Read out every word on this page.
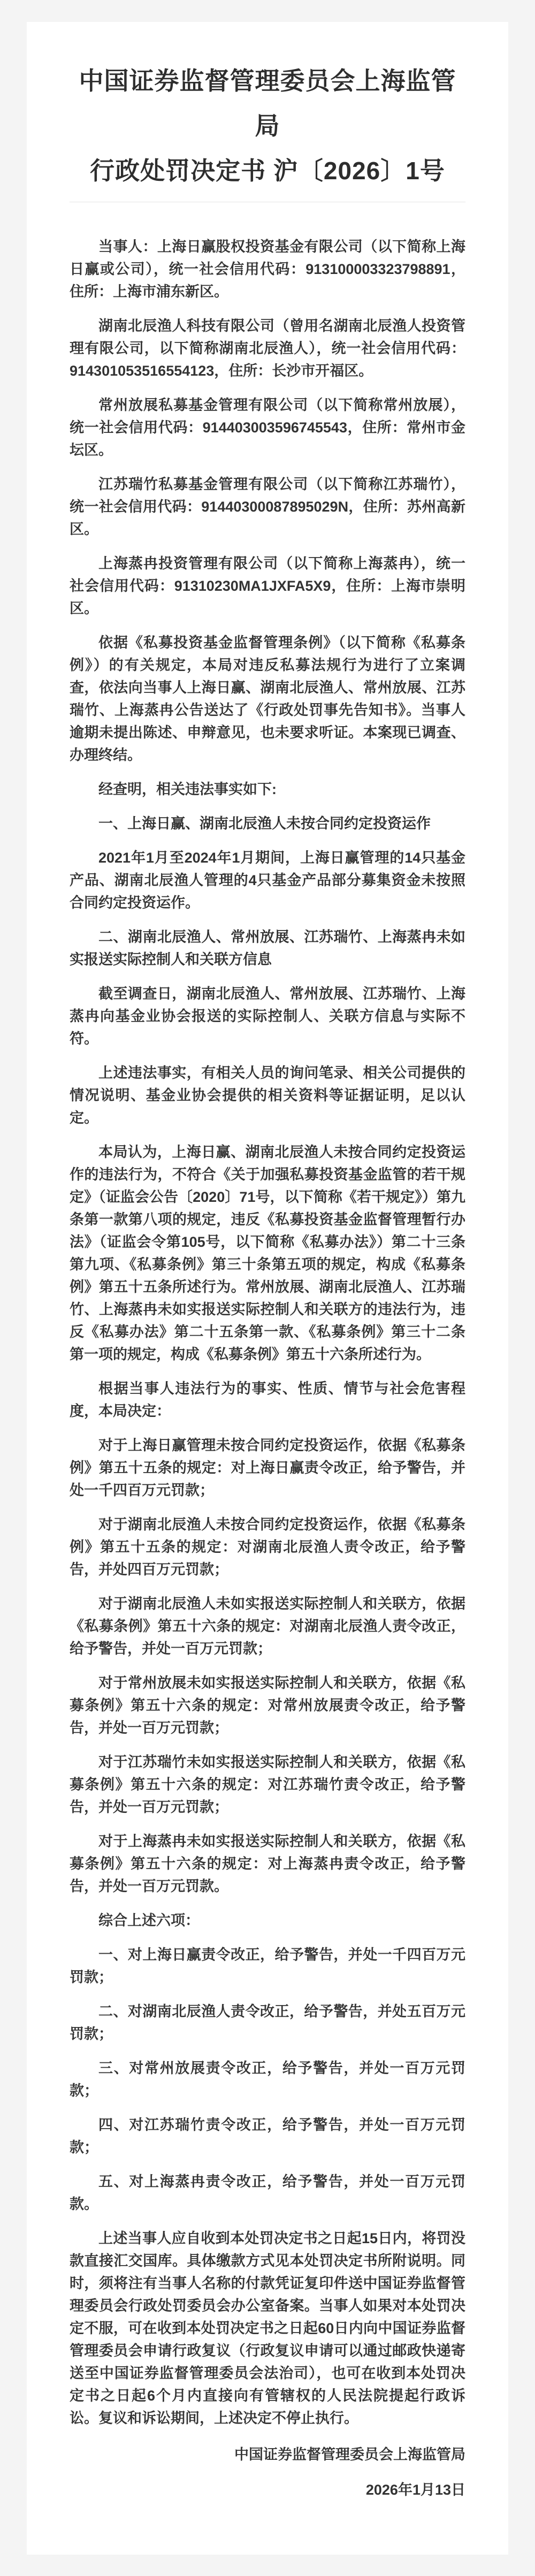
中国证券监督管理委员会上海监管局
行政处罚决定书 沪〔2026〕1号

当事人：上海日赢股权投资基金有限公司（以下简称上海日赢或公司），统一社会信用代码：913100003323798891，住所：上海市浦东新区。

湖南北辰渔人科技有限公司（曾用名湖南北辰渔人投资管理有限公司，以下简称湖南北辰渔人），统一社会信用代码：914301053516554123，住所：长沙市开福区。

常州放展私募基金管理有限公司（以下简称常州放展），统一社会信用代码：914403003596745543，住所：常州市金坛区。

江苏瑞竹私募基金管理有限公司（以下简称江苏瑞竹），统一社会信用代码：91440300087895029N，住所：苏州高新区。

上海蒸冉投资管理有限公司（以下简称上海蒸冉），统一社会信用代码：91310230MA1JXFA5X9，住所：上海市崇明区。

依据《私募投资基金监督管理条例》（以下简称《私募条例》）的有关规定，本局对违反私募法规行为进行了立案调查，依法向当事人上海日赢、湖南北辰渔人、常州放展、江苏瑞竹、上海蒸冉公告送达了《行政处罚事先告知书》。当事人逾期未提出陈述、申辩意见，也未要求听证。本案现已调查、办理终结。

经查明，相关违法事实如下:

一、上海日赢、湖南北辰渔人未按合同约定投资运作

2021年1月至2024年1月期间，上海日赢管理的14只基金产品、湖南北辰渔人管理的4只基金产品部分募集资金未按照合同约定投资运作。

二、湖南北辰渔人、常州放展、江苏瑞竹、上海蒸冉未如实报送实际控制人和关联方信息

截至调查日，湖南北辰渔人、常州放展、江苏瑞竹、上海蒸冉向基金业协会报送的实际控制人、关联方信息与实际不符。

上述违法事实，有相关人员的询问笔录、相关公司提供的情况说明、基金业协会提供的相关资料等证据证明，足以认定。

本局认为，上海日赢、湖南北辰渔人未按合同约定投资运作的违法行为，不符合《关于加强私募投资基金监管的若干规定》（证监会公告〔2020〕71号，以下简称《若干规定》）第九条第一款第八项的规定，违反《私募投资基金监督管理暂行办法》（证监会令第105号，以下简称《私募办法》）第二十三条第九项、《私募条例》第三十条第五项的规定，构成《私募条例》第五十五条所述行为。常州放展、湖南北辰渔人、江苏瑞竹、上海蒸冉未如实报送实际控制人和关联方的违法行为，违反《私募办法》第二十五条第一款、《私募条例》第三十二条第一项的规定，构成《私募条例》第五十六条所述行为。

根据当事人违法行为的事实、性质、情节与社会危害程度，本局决定：

对于上海日赢管理未按合同约定投资运作，依据《私募条例》第五十五条的规定：对上海日赢责令改正，给予警告，并处一千四百万元罚款；

对于湖南北辰渔人未按合同约定投资运作，依据《私募条例》第五十五条的规定：对湖南北辰渔人责令改正，给予警告，并处四百万元罚款；

对于湖南北辰渔人未如实报送实际控制人和关联方，依据《私募条例》第五十六条的规定：对湖南北辰渔人责令改正，给予警告，并处一百万元罚款；

对于常州放展未如实报送实际控制人和关联方，依据《私募条例》第五十六条的规定：对常州放展责令改正，给予警告，并处一百万元罚款；

对于江苏瑞竹未如实报送实际控制人和关联方，依据《私募条例》第五十六条的规定：对江苏瑞竹责令改正，给予警告，并处一百万元罚款；

对于上海蒸冉未如实报送实际控制人和关联方，依据《私募条例》第五十六条的规定：对上海蒸冉责令改正，给予警告，并处一百万元罚款。

综合上述六项：

一、对上海日赢责令改正，给予警告，并处一千四百万元罚款；

二、对湖南北辰渔人责令改正，给予警告，并处五百万元罚款；

三、对常州放展责令改正，给予警告，并处一百万元罚款；

四、对江苏瑞竹责令改正，给予警告，并处一百万元罚款；

五、对上海蒸冉责令改正，给予警告，并处一百万元罚款。

上述当事人应自收到本处罚决定书之日起15日内，将罚没款直接汇交国库。具体缴款方式见本处罚决定书所附说明。同时，须将注有当事人名称的付款凭证复印件送中国证券监督管理委员会行政处罚委员会办公室备案。当事人如果对本处罚决定不服，可在收到本处罚决定书之日起60日内向中国证券监督管理委员会申请行政复议（行政复议申请可以通过邮政快递寄送至中国证券监督管理委员会法治司），也可在收到本处罚决定书之日起6个月内直接向有管辖权的人民法院提起行政诉讼。复议和诉讼期间，上述决定不停止执行。

中国证券监督管理委员会上海监管局

2026年1月13日
